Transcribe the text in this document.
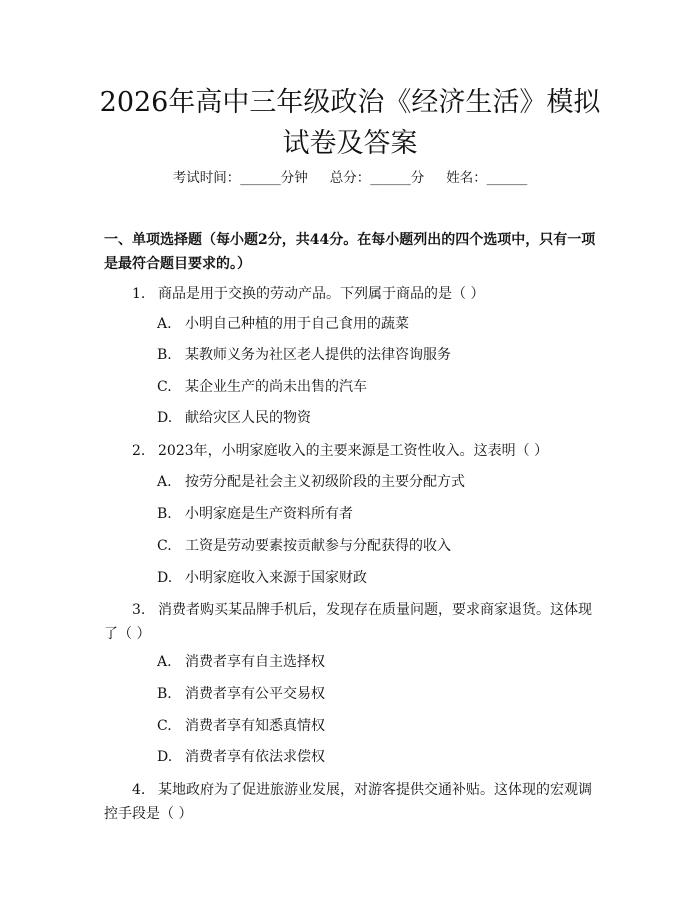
2026年高中三年级政治《经济生活》模拟试卷及答案
考试时间：______分钟 总分：______分 姓名：______
一、单项选择题（每小题2分，共44分。在每小题列出的四个选项中，只有一项是最符合题目要求的。）
1. 商品是用于交换的劳动产品。下列属于商品的是（ ）
A. 小明自己种植的用于自己食用的蔬菜
B. 某教师义务为社区老人提供的法律咨询服务
C. 某企业生产的尚未出售的汽车
D. 献给灾区人民的物资
2. 2023年，小明家庭收入的主要来源是工资性收入。这表明（ ）
A. 按劳分配是社会主义初级阶段的主要分配方式
B. 小明家庭是生产资料所有者
C. 工资是劳动要素按贡献参与分配获得的收入
D. 小明家庭收入来源于国家财政
3. 消费者购买某品牌手机后，发现存在质量问题，要求商家退货。这体现了（ ）
A. 消费者享有自主选择权
B. 消费者享有公平交易权
C. 消费者享有知悉真情权
D. 消费者享有依法求偿权
4. 某地政府为了促进旅游业发展，对游客提供交通补贴。这体现的宏观调控手段是（ ）
